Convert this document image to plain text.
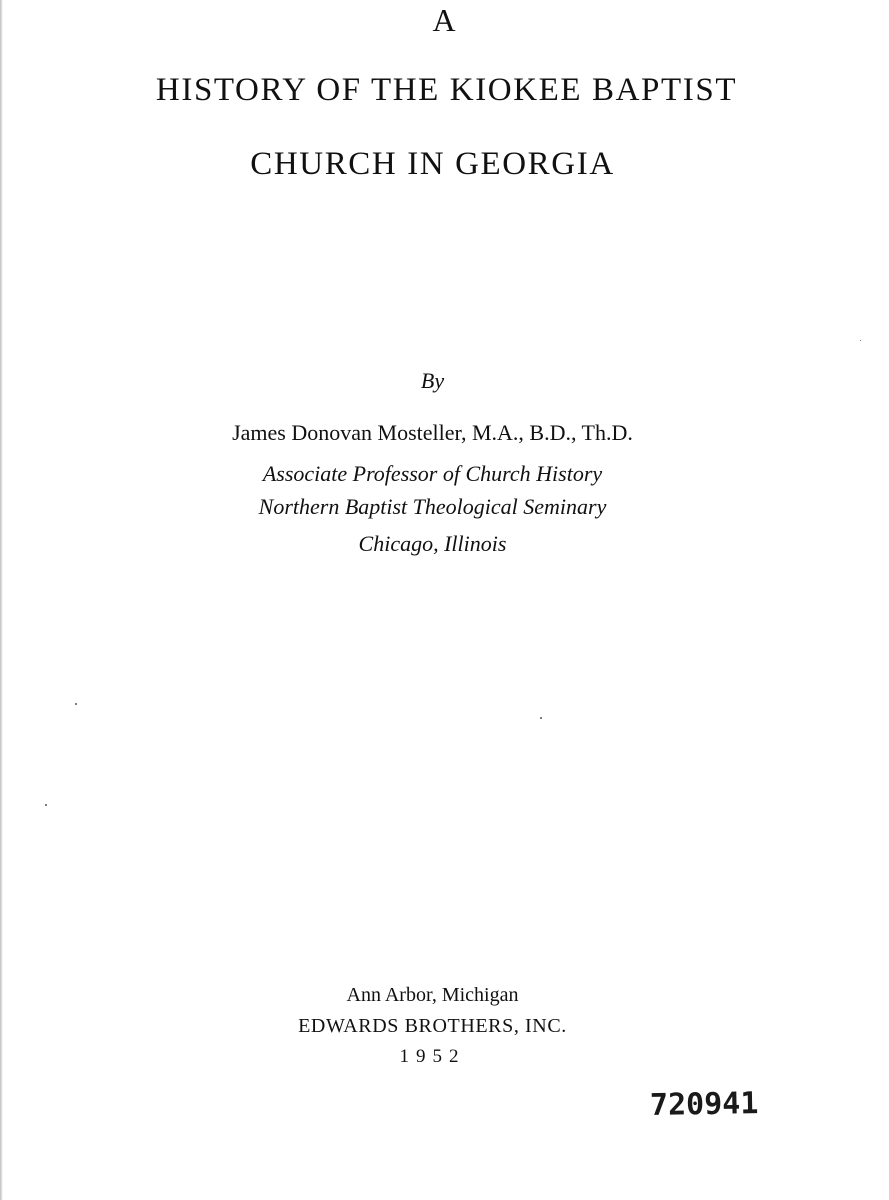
A
HISTORY OF THE KIOKEE BAPTIST
CHURCH IN GEORGIA
By
James Donovan Mosteller, M.A., B.D., Th.D.
Associate Professor of Church History
Northern Baptist Theological Seminary
Chicago, Illinois
Ann Arbor, Michigan
EDWARDS BROTHERS, INC.
1952
720941
